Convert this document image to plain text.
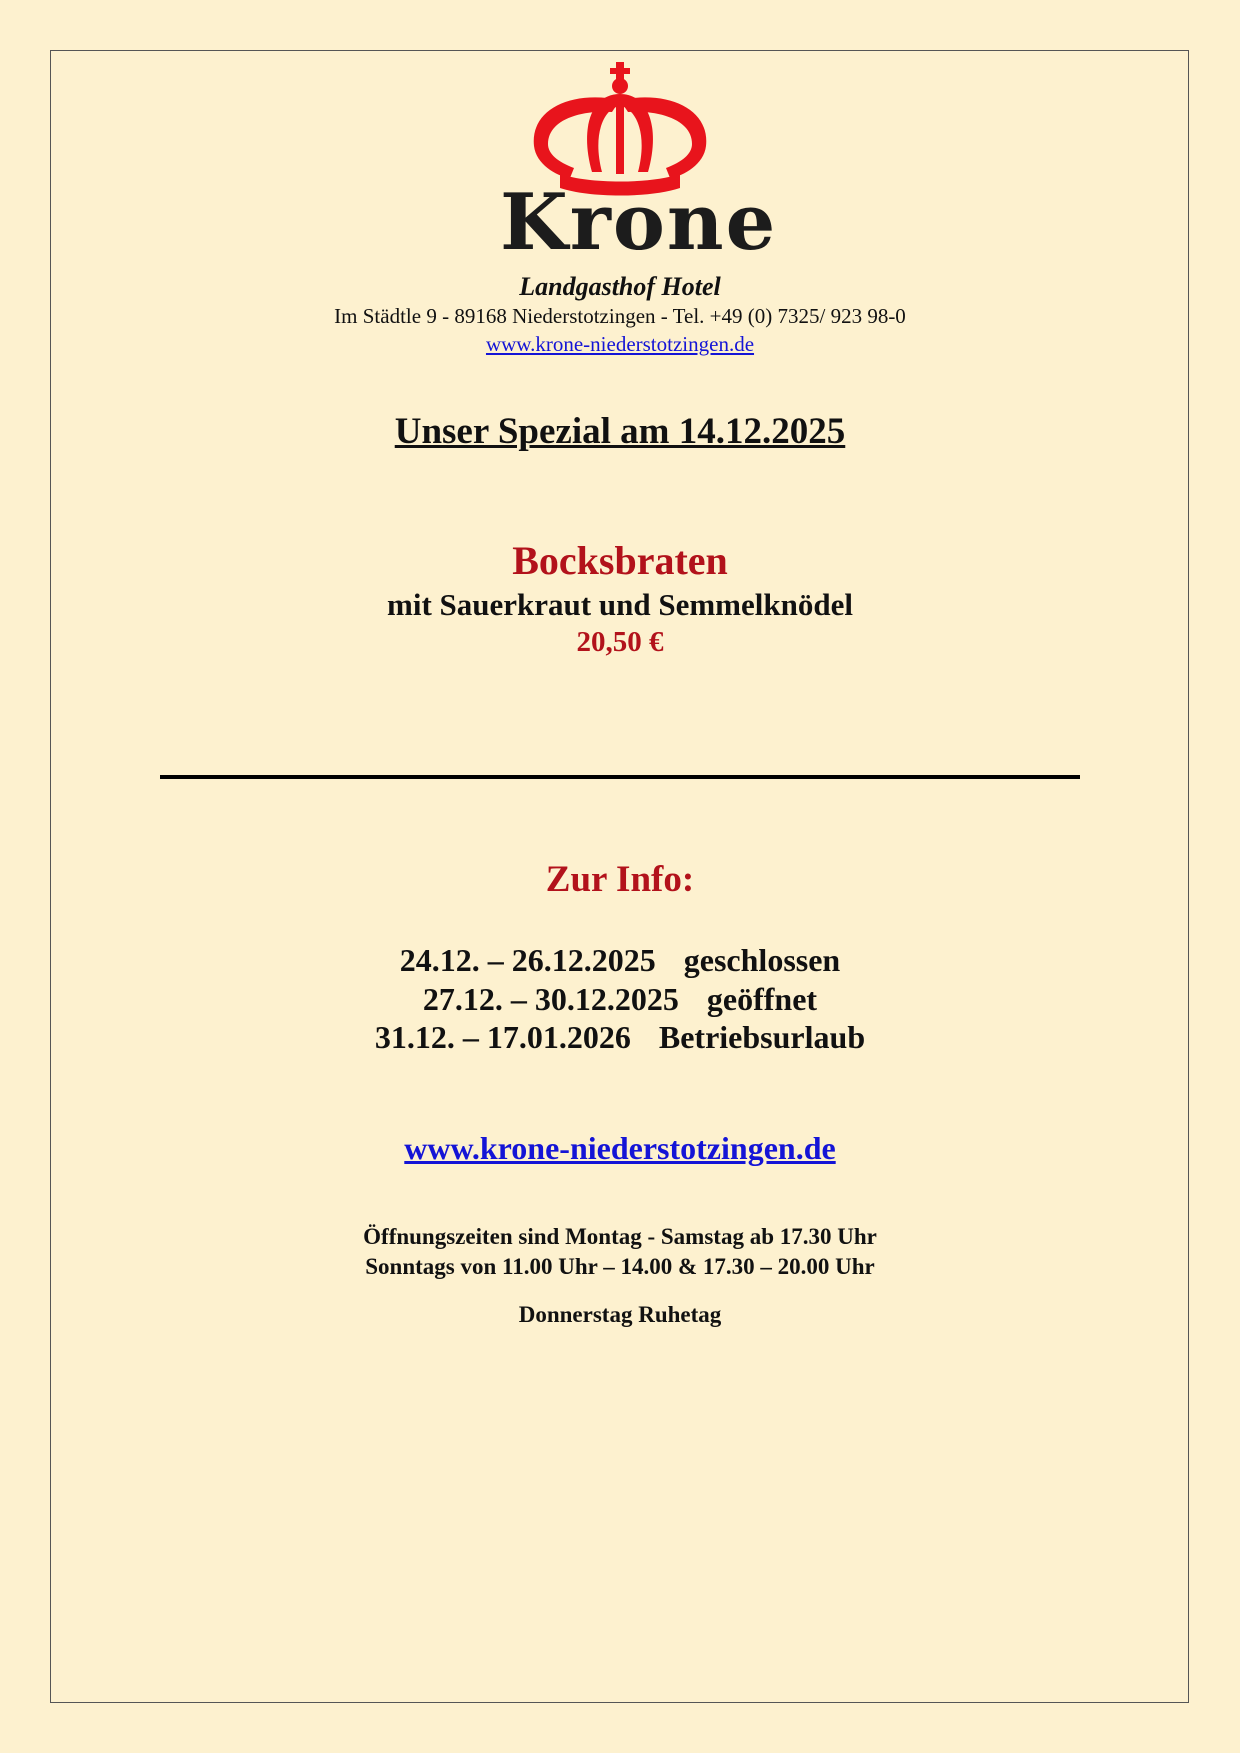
Krone
Landgasthof Hotel
Im Städtle 9 - 89168 Niederstotzingen - Tel. +49 (0) 7325/ 923 98-0
www.krone-niederstotzingen.de
Unser Spezial am 14.12.2025
Bocksbraten
mit Sauerkraut und Semmelknödel
20,50 €
Zur Info:
24.12. – 26.12.2025 geschlossen
27.12. – 30.12.2025 geöffnet
31.12. – 17.01.2026 Betriebsurlaub
www.krone-niederstotzingen.de
Öffnungszeiten sind Montag - Samstag ab 17.30 Uhr
Sonntags von 11.00 Uhr – 14.00 & 17.30 – 20.00 Uhr
Donnerstag Ruhetag
